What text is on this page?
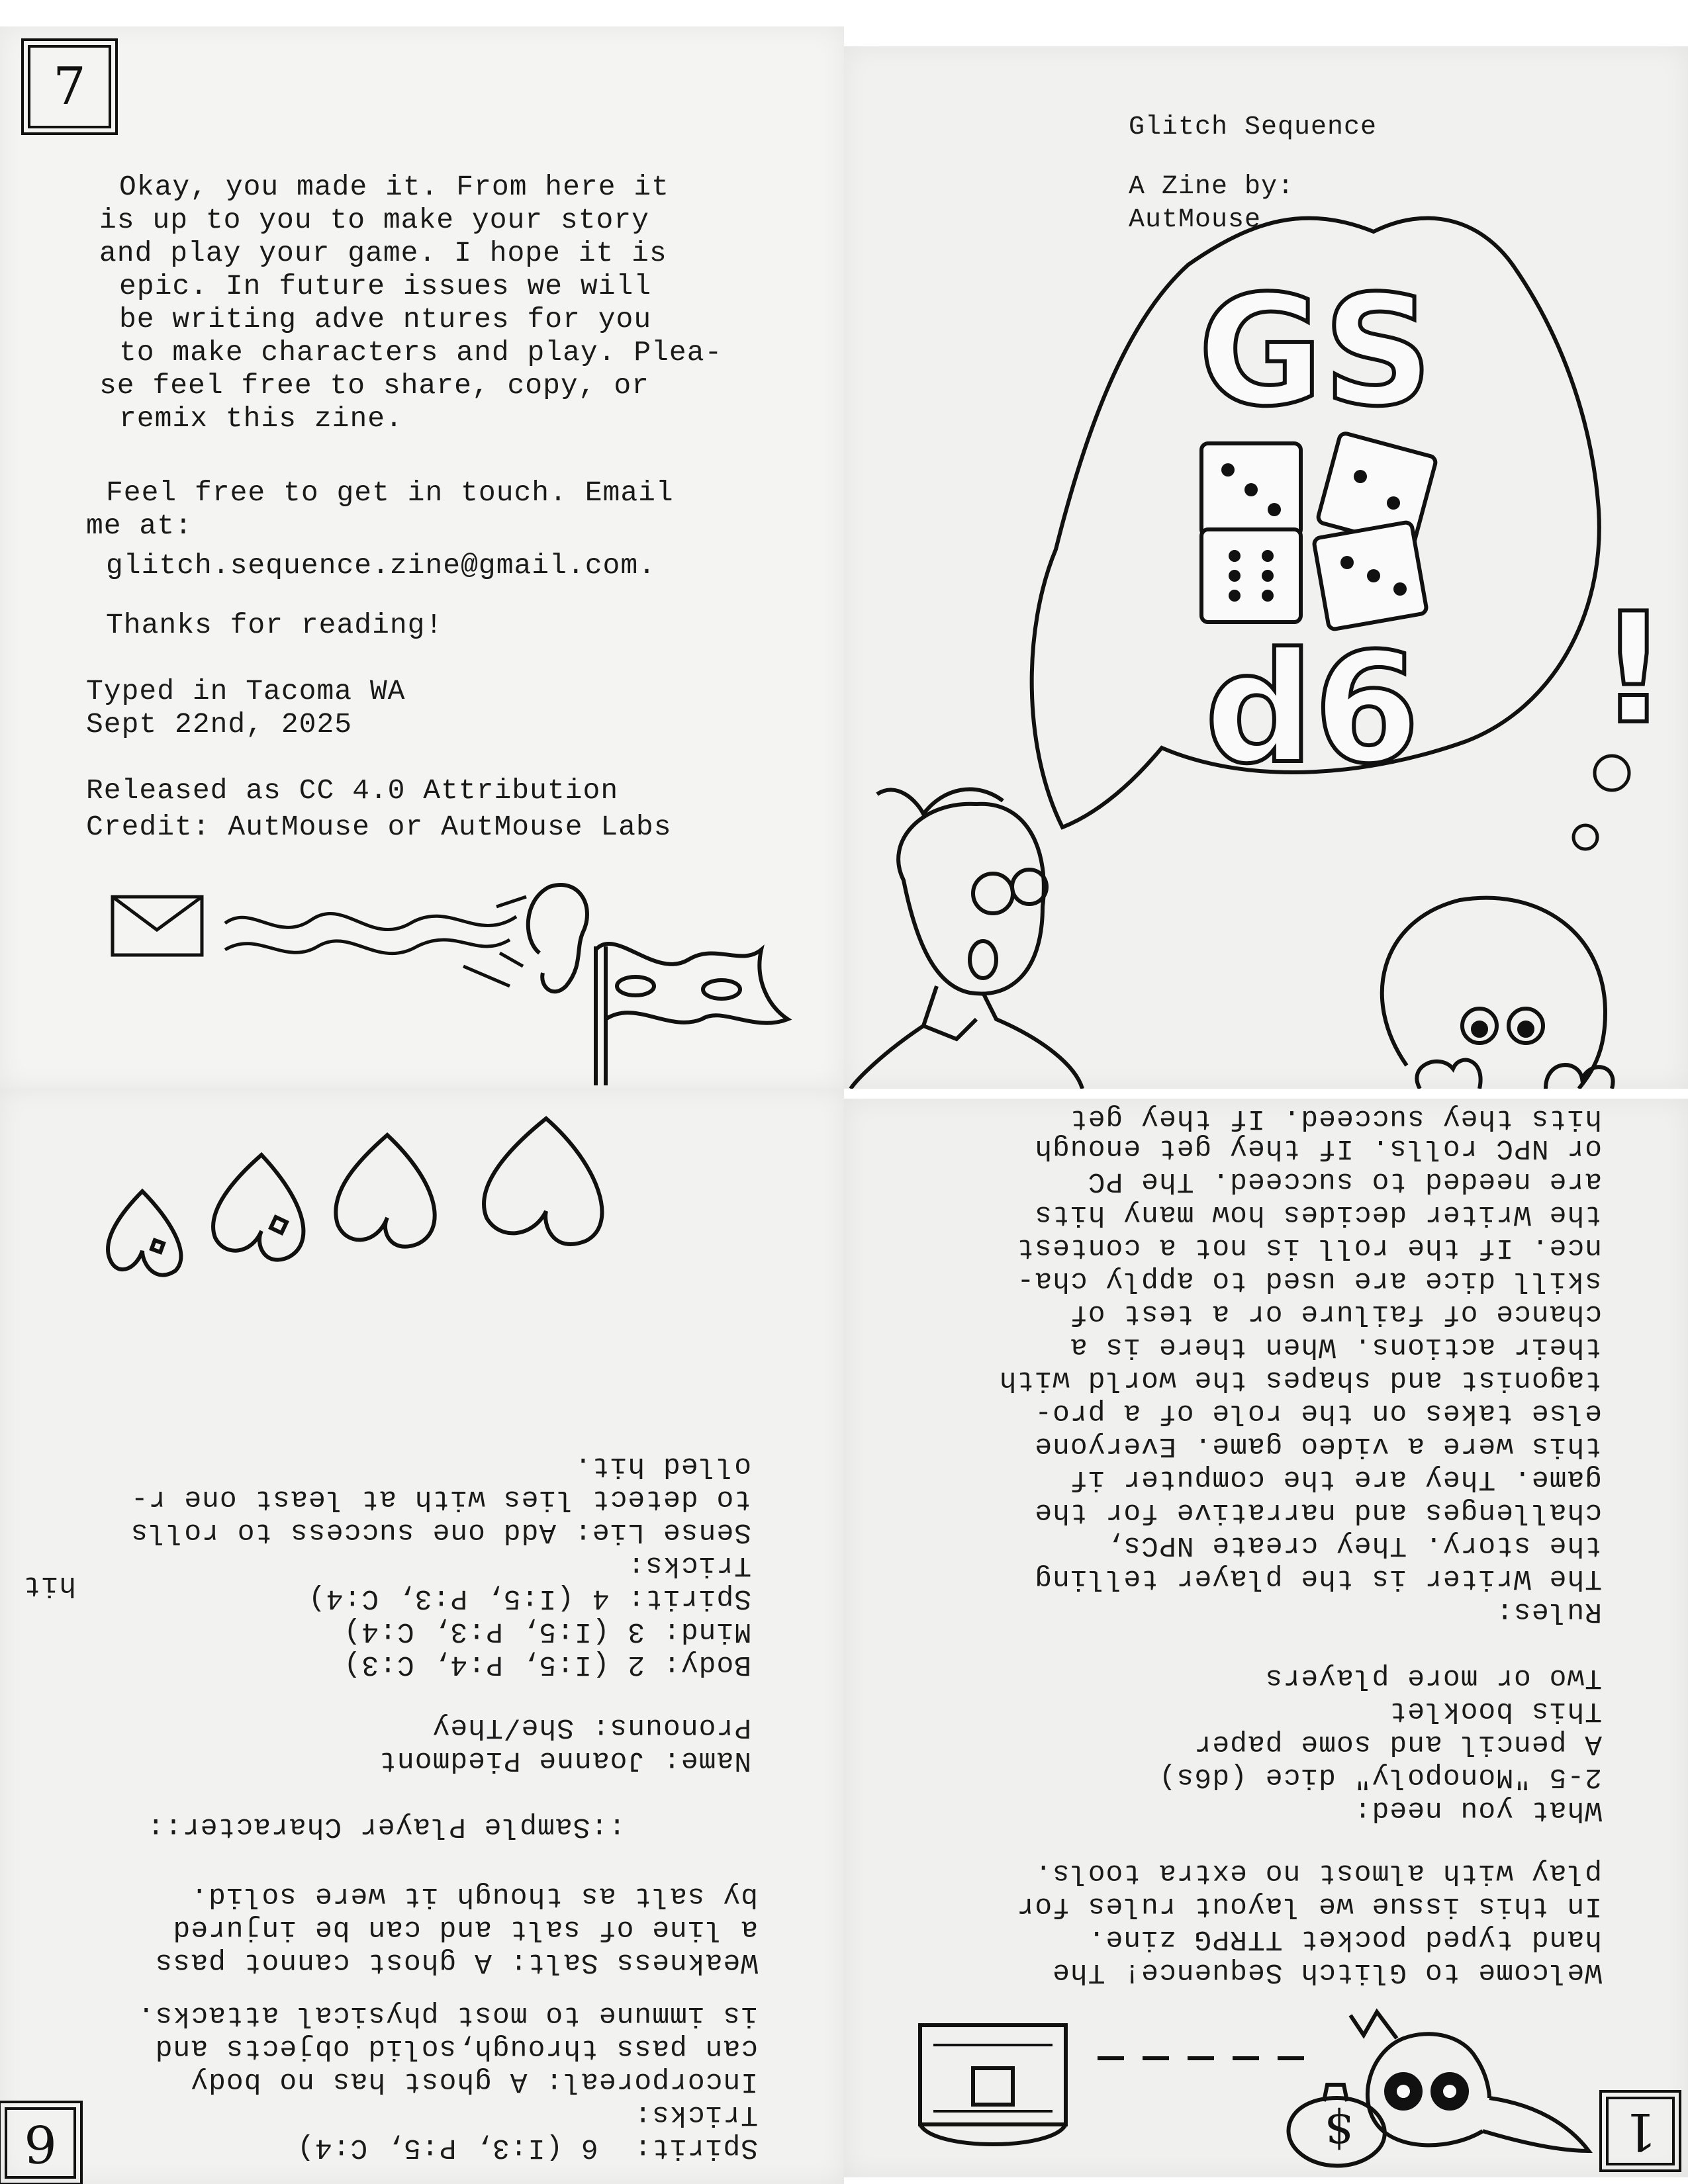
7
Okay, you made it. From here it
is up to you to make your story
and play your game. I hope it is
epic. In future issues we will
be writing adve ntures for you
to make characters and play. Plea-
se feel free to share, copy, or
remix this zine.
Feel free to get in touch. Email
me at:
glitch.sequence.zine@gmail.com.
Thanks for reading!
Typed in Tacoma WA
Sept 22nd, 2025
Released as CC 4.0 Attribution
Credit: AutMouse or AutMouse Labs
Glitch Sequence
A Zine by:
AutMouse
GS
d6 !
6	Spirit:  6 (I:3, P:5, C:4)
Tricks:
Incorporeal: A ghost has no body
can pass through,solid objects and
is immune to most physical attacks.
Weakness Salt: A ghost cannot pass
a line of salt and can be injured
by salt as though it were solid.
::Sample Player Character::
Name: Joanne Piedmont
Pronouns: She/They
Body: 2 (I:5, P:4, C:3)
Mind: 3 (I:5, P:3, C:4)
Spirit: 4 (I:5, P:3, C:4)
Tricks:
hit
Sense Lie: Add one success to rolls
to detect lies with at least one r-
olled hit.
1
$
Welcome to Glitch Sequence! The
hand typed pocket TTRPG zine.
In this issue we layout rules for
play with almost no extra tools.
What you need:
2-5 "Monopoly" dice (d6s)
A pencil and some paper
This booklet
Two or more players
Rules:
The Writer is the player telling
the story. They create NPCs,
challenges and narrative for the
game. They are the computer if
this were a video game. Everyone
else takes on the role of a pro-
tagonist and shapes the world with
their actions. When there is a
chance of failure or a test of
skill dice are used to apply cha-
nce. If the roll is not a contest
the Writer decides how many hits
are needed to succeed. The PC
or NPC rolls. If they get enough
hits they succeed. If they get
